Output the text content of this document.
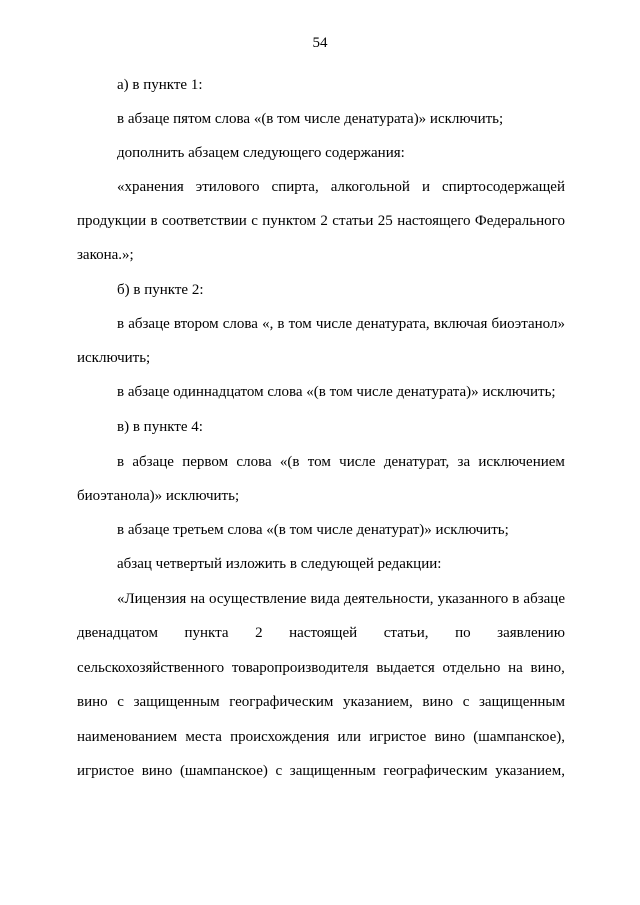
54
а) в пункте 1:
в абзаце пятом слова «(в том числе денатурата)» исключить;
дополнить абзацем следующего содержания:
«хранения этилового спирта, алкогольной и спиртосодержащей
продукции в соответствии с пунктом 2 статьи 25 настоящего Федерального
закона.»;
б) в пункте 2:
в абзаце втором слова «, в том числе денатурата, включая биоэтанол»
исключить;
в абзаце одиннадцатом слова «(в том числе денатурата)» исключить;
в) в пункте 4:
в абзаце первом слова «(в том числе денатурат, за исключением
биоэтанола)» исключить;
в абзаце третьем слова «(в том числе денатурат)» исключить;
абзац четвертый изложить в следующей редакции:
«Лицензия на осуществление вида деятельности, указанного в абзаце
двенадцатом пункта 2 настоящей статьи, по заявлению
сельскохозяйственного товаропроизводителя выдается отдельно на вино,
вино с защищенным географическим указанием, вино с защищенным
наименованием места происхождения или игристое вино (шампанское),
игристое вино (шампанское) с защищенным географическим указанием,
